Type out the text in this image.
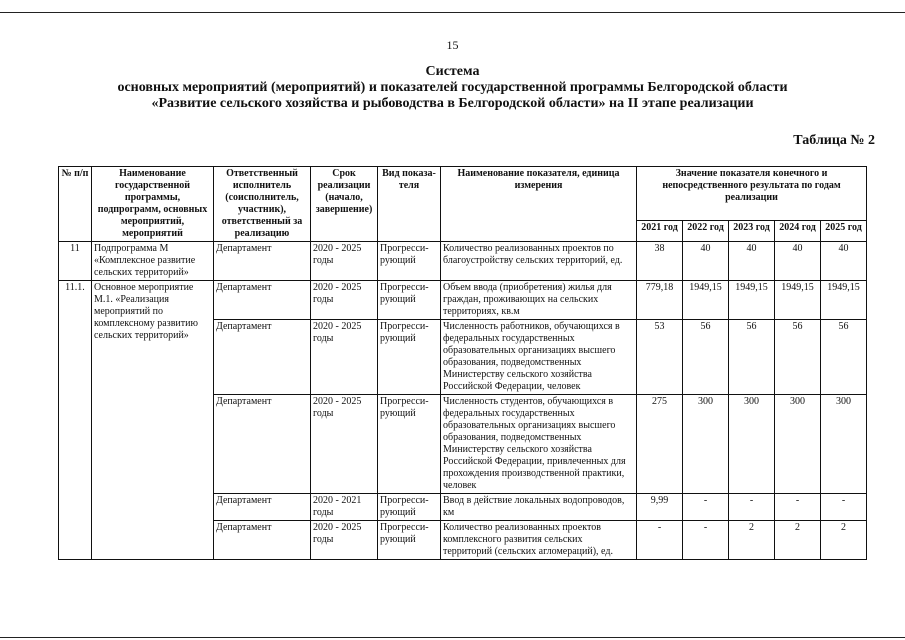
15
Система
основных мероприятий (мероприятий) и показателей государственной программы Белгородской области
«Развитие сельского хозяйства и рыбоводства в Белгородской области» на II этапе реализации
Таблица № 2
№ п/п	Наименование государственной программы, подпрограмм, основных мероприятий, мероприятий	Ответственный исполнитель (соисполнитель, участник), ответственный за реализацию	Срок реализации (начало, завершение)	Вид показа-теля	Наименование показателя, единица измерения	Значение показателя конечного и непосредственного результата по годам реализации				
						2021 год	2022 год	2023 год	2024 год	2025 год
11	Подпрограмма М «Комплексное развитие сельских территорий»	Департамент	2020 - 2025 годы	Прогресси-рующий	Количество реализованных проектов по благоустройству сельских территорий, ед.	38	40	40	40	40
11.1.	Основное мероприятие М.1. «Реализация мероприятий по комплексному развитию сельских территорий»	Департамент	2020 - 2025 годы	Прогресси-рующий	Объем ввода (приобретения) жилья для граждан, проживающих на сельских территориях, кв.м	779,18	1949,15	1949,15	1949,15	1949,15
		Департамент	2020 - 2025 годы	Прогресси-рующий	Численность работников, обучающихся в федеральных государственных образовательных организациях высшего образования, подведомственных Министерству сельского хозяйства Российской Федерации, человек	53	56	56	56	56
		Департамент	2020 - 2025 годы	Прогресси-рующий	Численность студентов, обучающихся в федеральных государственных образовательных организациях высшего образования, подведомственных Министерству сельского хозяйства Российской Федерации, привлеченных для прохождения производственной практики, человек	275	300	300	300	300
		Департамент	2020 - 2021 годы	Прогресси-рующий	Ввод в действие локальных водопроводов, км	9,99	-	-	-	-
		Департамент	2020 - 2025 годы	Прогресси-рующий	Количество реализованных проектов комплексного развития сельских территорий (сельских агломераций), ед.	-	-	2	2	2
